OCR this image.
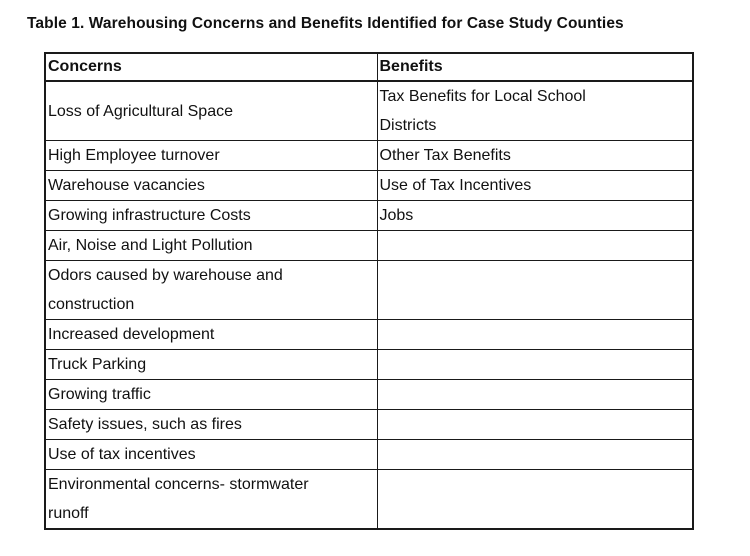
Table 1. Warehousing Concerns and Benefits Identified for Case Study Counties
Concerns	Benefits

Loss of Agricultural Space	Tax Benefits for Local School Districts

High Employee turnover	Other Tax Benefits

Warehouse vacancies	Use of Tax Incentives

Growing infrastructure Costs	Jobs

Air, Noise and Light Pollution	

Odors caused by warehouse and construction	

Increased development	

Truck Parking	

Growing traffic	

Safety issues, such as fires	

Use of tax incentives	

Environmental concerns- stormwater runoff	
